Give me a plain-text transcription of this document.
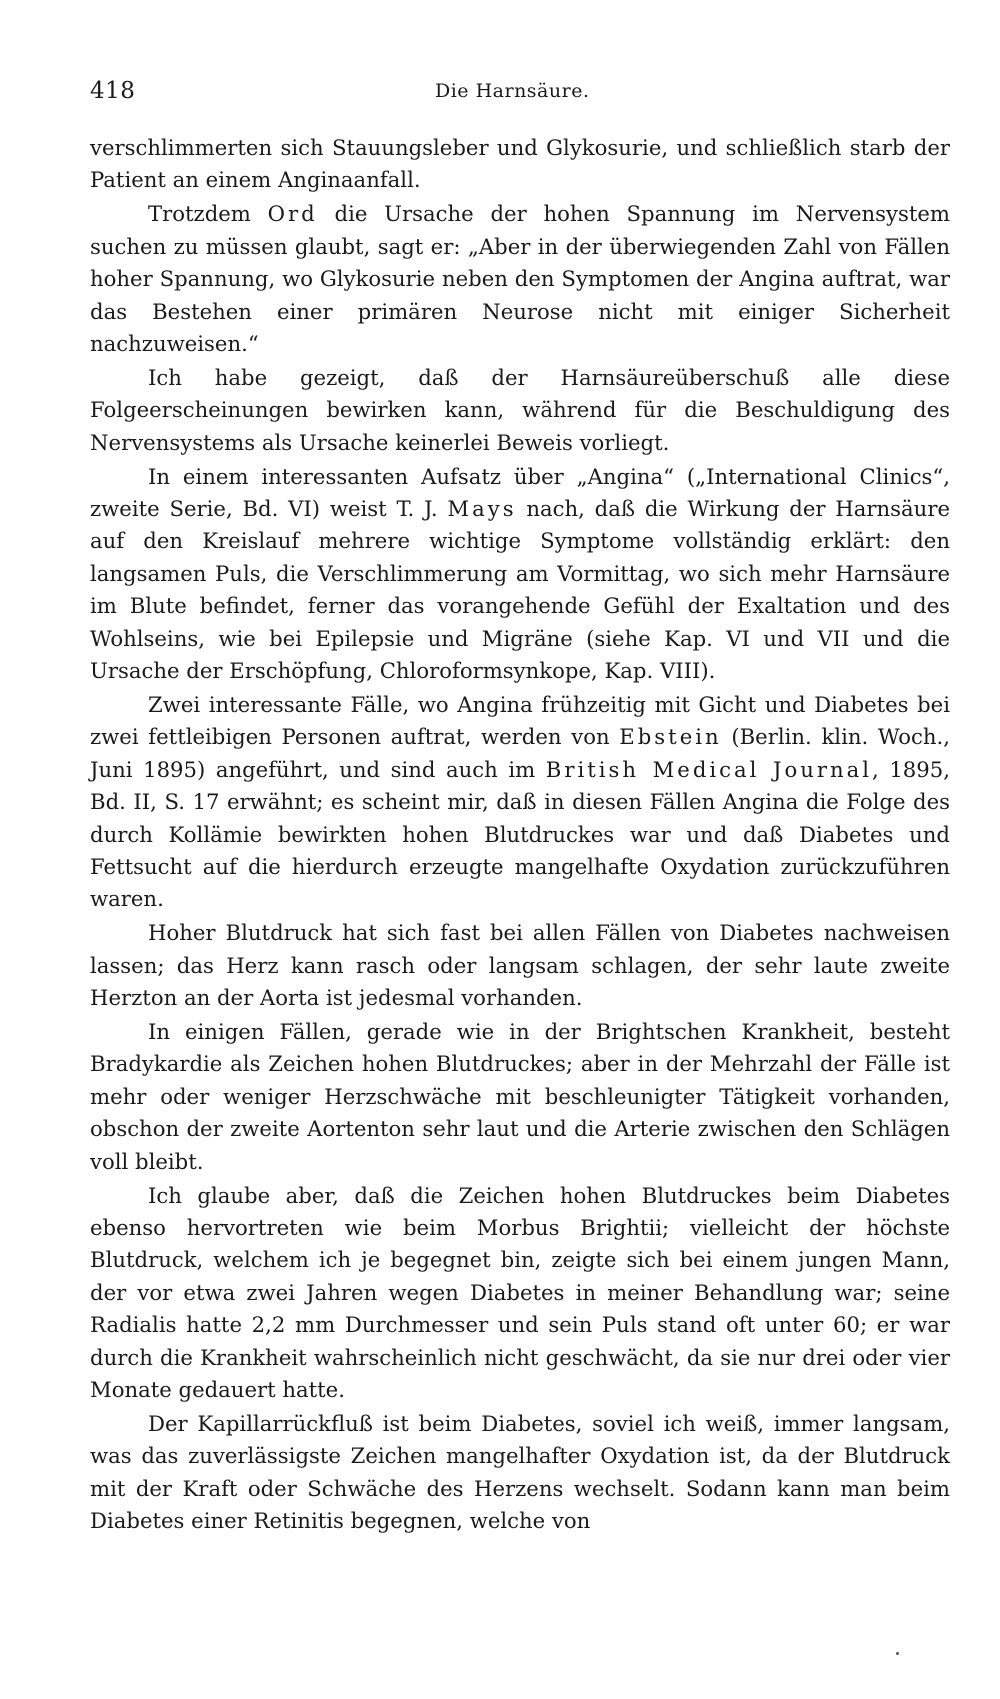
418	Die Harnsäure.

verschlimmerten sich Stauungsleber und Glykosurie, und schließlich starb der Patient an einem Anginaanfall.

Trotzdem Ord die Ursache der hohen Spannung im Nervensystem suchen zu müssen glaubt, sagt er: „Aber in der überwiegenden Zahl von Fällen hoher Spannung, wo Glykosurie neben den Symptomen der Angina auftrat, war das Bestehen einer primären Neurose nicht mit einiger Sicherheit nachzuweisen.“

Ich habe gezeigt, daß der Harnsäureüberschuß alle diese Folgeerscheinungen bewirken kann, während für die Beschuldigung des Nervensystems als Ursache keinerlei Beweis vorliegt.

In einem interessanten Aufsatz über „Angina“ („International Clinics“, zweite Serie, Bd. VI) weist T. J. Mays nach, daß die Wirkung der Harnsäure auf den Kreislauf mehrere wichtige Symptome vollständig erklärt: den langsamen Puls, die Verschlimmerung am Vormittag, wo sich mehr Harnsäure im Blute befindet, ferner das vorangehende Gefühl der Exaltation und des Wohlseins, wie bei Epilepsie und Migräne (siehe Kap. VI und VII und die Ursache der Erschöpfung, Chloroformsynkope, Kap. VIII).

Zwei interessante Fälle, wo Angina frühzeitig mit Gicht und Diabetes bei zwei fettleibigen Personen auftrat, werden von Ebstein (Berlin. klin. Woch., Juni 1895) angeführt, und sind auch im British Medical Journal, 1895, Bd. II, S. 17 erwähnt; es scheint mir, daß in diesen Fällen Angina die Folge des durch Kollämie bewirkten hohen Blutdruckes war und daß Diabetes und Fettsucht auf die hierdurch erzeugte mangelhafte Oxydation zurückzuführen waren.

Hoher Blutdruck hat sich fast bei allen Fällen von Diabetes nachweisen lassen; das Herz kann rasch oder langsam schlagen, der sehr laute zweite Herzton an der Aorta ist jedesmal vorhanden.

In einigen Fällen, gerade wie in der Brightschen Krankheit, besteht Bradykardie als Zeichen hohen Blutdruckes; aber in der Mehrzahl der Fälle ist mehr oder weniger Herzschwäche mit beschleunigter Tätigkeit vorhanden, obschon der zweite Aortenton sehr laut und die Arterie zwischen den Schlägen voll bleibt.

Ich glaube aber, daß die Zeichen hohen Blutdruckes beim Diabetes ebenso hervortreten wie beim Morbus Brightii; vielleicht der höchste Blutdruck, welchem ich je begegnet bin, zeigte sich bei einem jungen Mann, der vor etwa zwei Jahren wegen Diabetes in meiner Behandlung war; seine Radialis hatte 2,2 mm Durchmesser und sein Puls stand oft unter 60; er war durch die Krankheit wahrscheinlich nicht geschwächt, da sie nur drei oder vier Monate gedauert hatte.

Der Kapillarrückfluß ist beim Diabetes, soviel ich weiß, immer langsam, was das zuverlässigste Zeichen mangelhafter Oxydation ist, da der Blutdruck mit der Kraft oder Schwäche des Herzens wechselt. Sodann kann man beim Diabetes einer Retinitis begegnen, welche von
